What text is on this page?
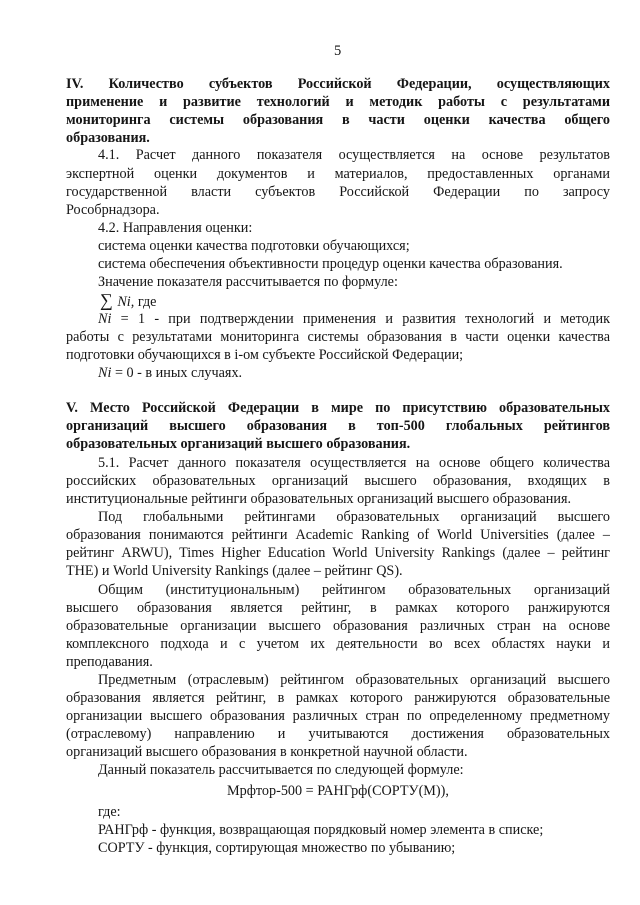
5
IV. Количество субъектов Российской Федерации, осуществляющих
применение и развитие технологий и методик работы с результатами
мониторинга системы образования в части оценки качества общего
образования.
4.1. Расчет данного показателя осуществляется на основе результатов
экспертной оценки документов и материалов, предоставленных органами
государственной власти субъектов Российской Федерации по запросу
Рособрнадзора.
4.2. Направления оценки:
система оценки качества подготовки обучающихся;
система обеспечения объективности процедур оценки качества образования.
Значение показателя рассчитывается по формуле:
∑ Ni, где
Ni = 1 - при подтверждении применения и развития технологий и методик
работы с результатами мониторинга системы образования в части оценки качества
подготовки обучающихся в i-ом субъекте Российской Федерации;
Ni = 0 - в иных случаях.
V. Место Российской Федерации в мире по присутствию образовательных
организаций высшего образования в топ-500 глобальных рейтингов
образовательных организаций высшего образования.
5.1. Расчет данного показателя осуществляется на основе общего количества
российских образовательных организаций высшего образования, входящих в
институциональные рейтинги образовательных организаций высшего образования.
Под глобальными рейтингами образовательных организаций высшего
образования понимаются рейтинги Academic Ranking of World Universities (далее –
рейтинг ARWU), Times Higher Education World University Rankings (далее – рейтинг
THE) и World University Rankings (далее – рейтинг QS).
Общим (институциональным) рейтингом образовательных организаций
высшего образования является рейтинг, в рамках которого ранжируются
образовательные организации высшего образования различных стран на основе
комплексного подхода и с учетом их деятельности во всех областях науки и
преподавания.
Предметным (отраслевым) рейтингом образовательных организаций высшего
образования является рейтинг, в рамках которого ранжируются образовательные
организации высшего образования различных стран по определенному предметному
(отраслевому) направлению и учитываются достижения образовательных
организаций высшего образования в конкретной научной области.
Данный показатель рассчитывается по следующей формуле:
Мрфтор-500 = РАНГрф(СОРТУ(М)),
где:
РАНГрф - функция, возвращающая порядковый номер элемента в списке;
СОРТУ - функция, сортирующая множество по убыванию;
